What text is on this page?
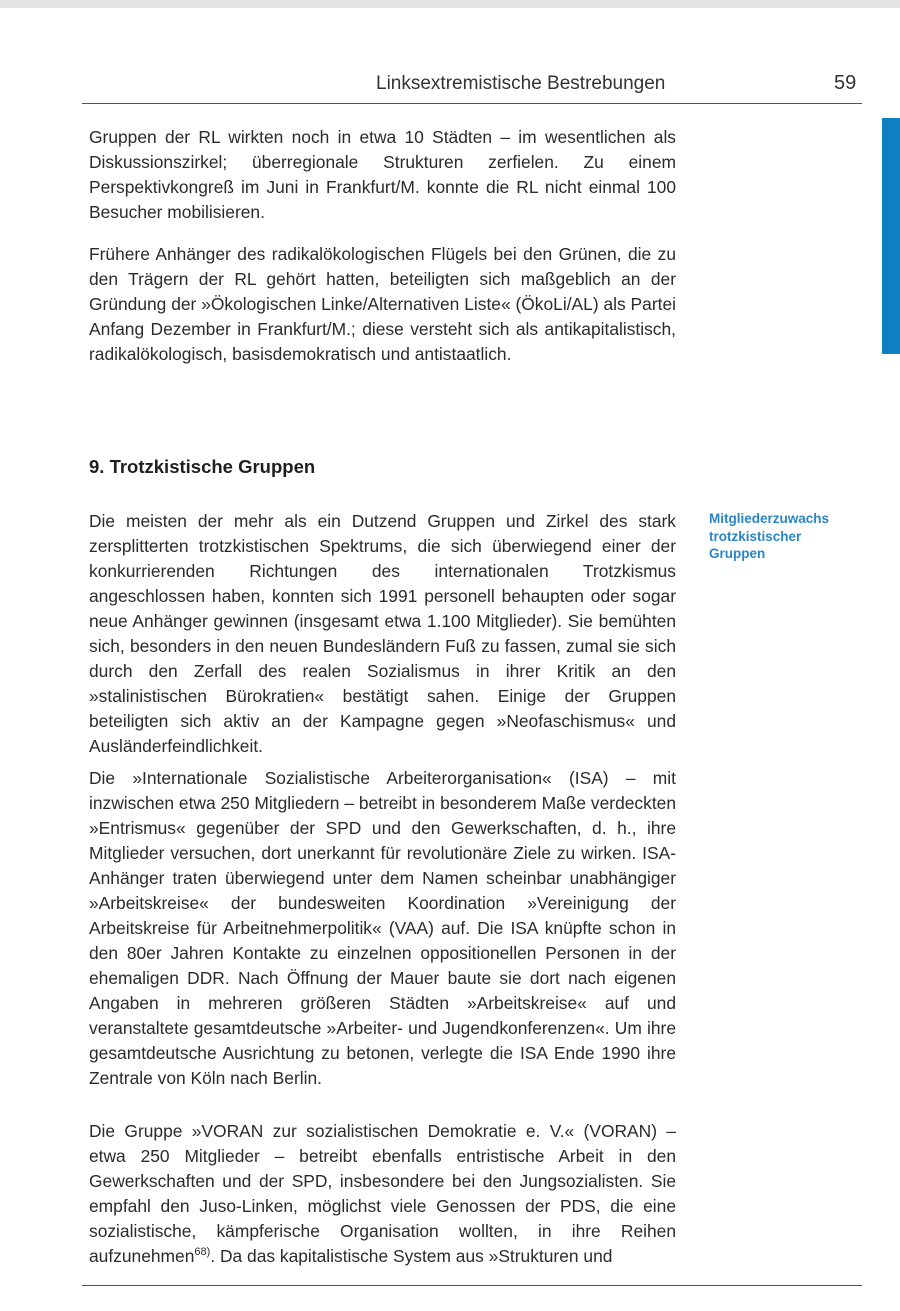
Linksextremistische Bestrebungen	59

Gruppen der RL wirkten noch in etwa 10 Städten – im wesentlichen als Diskussionszirkel; überregionale Strukturen zerfielen. Zu einem Perspektivkongreß im Juni in Frankfurt/M. konnte die RL nicht einmal 100 Besucher mobilisieren.

Frühere Anhänger des radikalökologischen Flügels bei den Grünen, die zu den Trägern der RL gehört hatten, beteiligten sich maßgeblich an der Gründung der »Ökologischen Linke/Alternativen Liste« (ÖkoLi/AL) als Partei Anfang Dezember in Frankfurt/M.; diese versteht sich als antikapitalistisch, radikalökologisch, basisdemokratisch und antistaatlich.

9. Trotzkistische Gruppen

Mitgliederzuwachs trotzkistischer Gruppen

Die meisten der mehr als ein Dutzend Gruppen und Zirkel des stark zersplitterten trotzkistischen Spektrums, die sich überwiegend einer der konkurrierenden Richtungen des internationalen Trotzkismus angeschlossen haben, konnten sich 1991 personell behaupten oder sogar neue Anhänger gewinnen (insgesamt etwa 1.100 Mitglieder). Sie bemühten sich, besonders in den neuen Bundesländern Fuß zu fassen, zumal sie sich durch den Zerfall des realen Sozialismus in ihrer Kritik an den »stalinistischen Bürokratien« bestätigt sahen. Einige der Gruppen beteiligten sich aktiv an der Kampagne gegen »Neofaschismus« und Ausländerfeindlichkeit.

Die »Internationale Sozialistische Arbeiterorganisation« (ISA) – mit inzwischen etwa 250 Mitgliedern – betreibt in besonderem Maße verdeckten »Entrismus« gegenüber der SPD und den Gewerkschaften, d. h., ihre Mitglieder versuchen, dort unerkannt für revolutionäre Ziele zu wirken. ISA-Anhänger traten überwiegend unter dem Namen scheinbar unabhängiger »Arbeitskreise« der bundesweiten Koordination »Vereinigung der Arbeitskreise für Arbeitnehmerpolitik« (VAA) auf. Die ISA knüpfte schon in den 80er Jahren Kontakte zu einzelnen oppositionellen Personen in der ehemaligen DDR. Nach Öffnung der Mauer baute sie dort nach eigenen Angaben in mehreren größeren Städten »Arbeitskreise« auf und veranstaltete gesamtdeutsche »Arbeiter- und Jugendkonferenzen«. Um ihre gesamtdeutsche Ausrichtung zu betonen, verlegte die ISA Ende 1990 ihre Zentrale von Köln nach Berlin.

Die Gruppe »VORAN zur sozialistischen Demokratie e. V.« (VORAN) – etwa 250 Mitglieder – betreibt ebenfalls entristische Arbeit in den Gewerkschaften und der SPD, insbesondere bei den Jungsozialisten. Sie empfahl den Juso-Linken, möglichst viele Genossen der PDS, die eine sozialistische, kämpferische Organisation wollten, in ihre Reihen aufzunehmen$^{68)}$. Da das kapitalistische System aus »Strukturen und
